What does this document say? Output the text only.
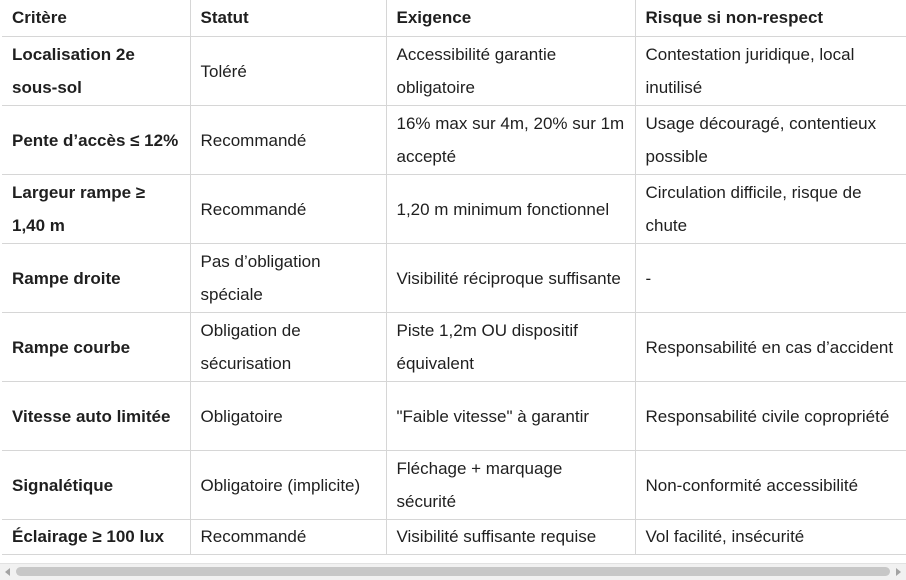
Critère	Statut	Exigence	Risque si non-respect
Localisation 2e sous-sol	Toléré	Accessibilité garantie obligatoire	Contestation juridique, local inutilisé
Pente d’accès ≤ 12%	Recommandé	16% max sur 4m, 20% sur 1m accepté	Usage découragé, contentieux possible
Largeur rampe ≥ 1,40 m	Recommandé	1,20 m minimum fonctionnel	Circulation difficile, risque de chute
Rampe droite	Pas d’obligation spéciale	Visibilité réciproque suffisante	-
Rampe courbe	Obligation de sécurisation	Piste 1,2m OU dispositif équivalent	Responsabilité en cas d’accident
Vitesse auto limitée	Obligatoire	"Faible vitesse" à garantir	Responsabilité civile copropriété
Signalétique	Obligatoire (implicite)	Fléchage + marquage sécurité	Non-conformité accessibilité
Éclairage ≥ 100 lux	Recommandé	Visibilité suffisante requise	Vol facilité, insécurité
